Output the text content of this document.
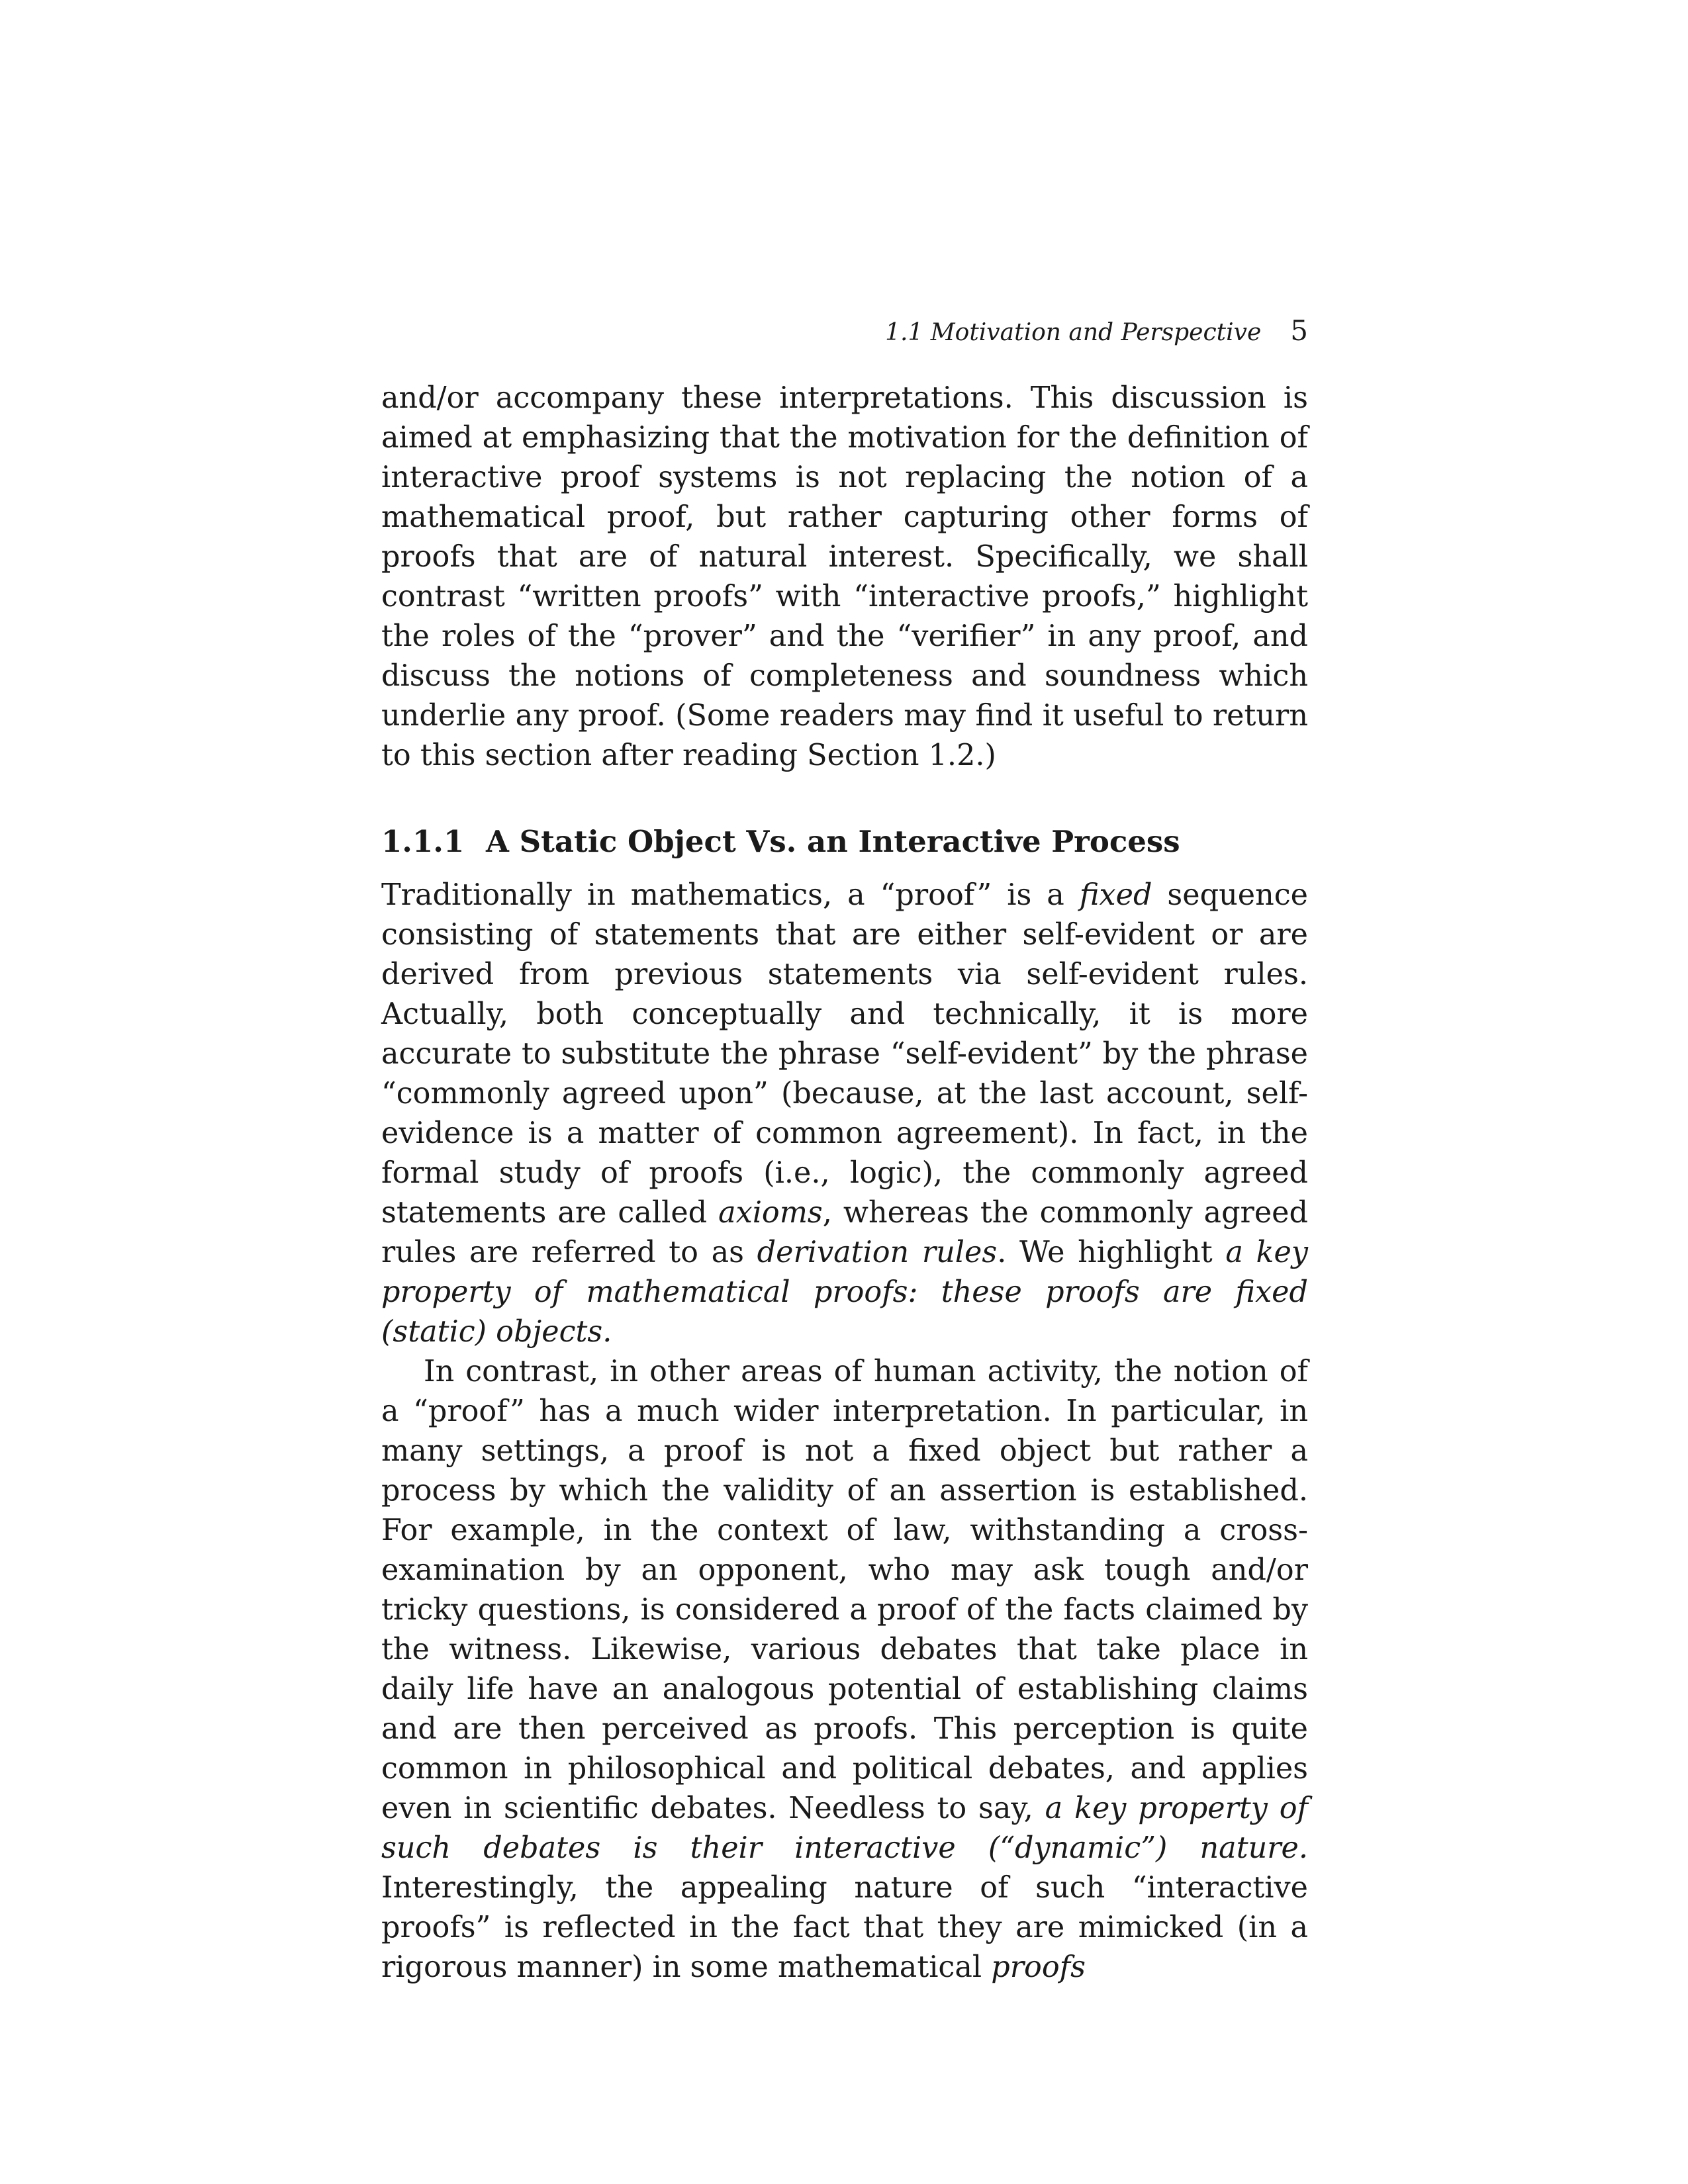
1.1 Motivation and Perspective 5

and/or accompany these interpretations. This discussion is aimed at emphasizing that the motivation for the definition of interactive proof systems is not replacing the notion of a mathematical proof, but rather capturing other forms of proofs that are of natural interest. Specifically, we shall contrast “written proofs” with “interactive proofs,” highlight the roles of the “prover” and the “verifier” in any proof, and discuss the notions of completeness and soundness which underlie any proof. (Some readers may find it useful to return to this section after reading Section 1.2.)

1.1.1 A Static Object Vs. an Interactive Process

Traditionally in mathematics, a “proof” is a fixed sequence consisting of statements that are either self-evident or are derived from previous statements via self-evident rules. Actually, both conceptually and technically, it is more accurate to substitute the phrase “self-evident” by the phrase “commonly agreed upon” (because, at the last account, self-evidence is a matter of common agreement). In fact, in the formal study of proofs (i.e., logic), the commonly agreed statements are called axioms, whereas the commonly agreed rules are referred to as derivation rules. We highlight a key property of mathematical proofs: these proofs are fixed (static) objects.

In contrast, in other areas of human activity, the notion of a “proof” has a much wider interpretation. In particular, in many settings, a proof is not a fixed object but rather a process by which the validity of an assertion is established. For example, in the context of law, withstanding a cross-examination by an opponent, who may ask tough and/or tricky questions, is considered a proof of the facts claimed by the witness. Likewise, various debates that take place in daily life have an analogous potential of establishing claims and are then perceived as proofs. This perception is quite common in philosophical and political debates, and applies even in scientific debates. Needless to say, a key property of such debates is their interactive (“dynamic”) nature. Interestingly, the appealing nature of such “interactive proofs” is reflected in the fact that they are mimicked (in a rigorous manner) in some mathematical proofs
